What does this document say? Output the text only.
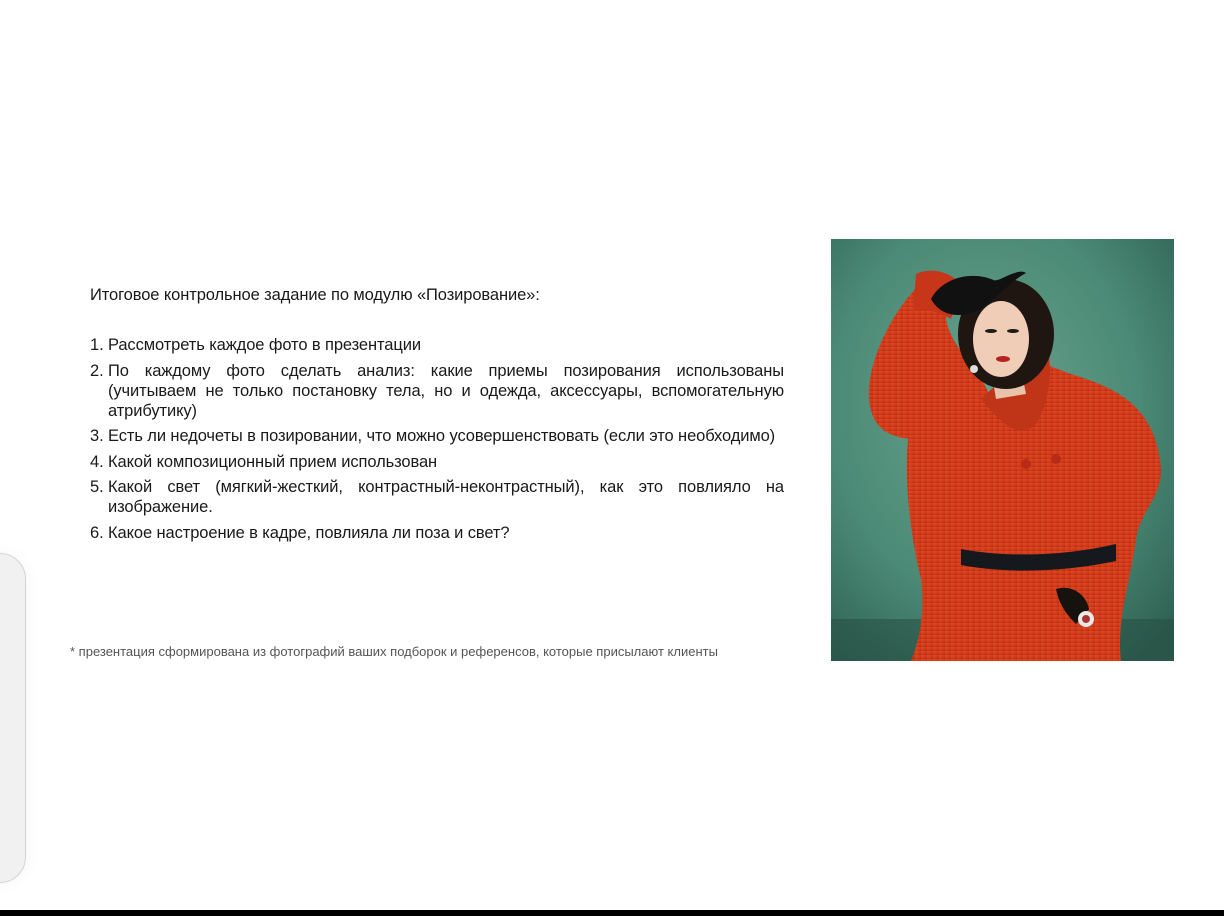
Итоговое контрольное задание по модулю «Позирование»:
1. Рассмотреть каждое фото в презентации
2. По каждому фото сделать анализ: какие приемы позирования использованы (учитываем не только постановку тела, но и одежда, аксессуары, вспомогательную атрибутику)
3. Есть ли недочеты в позировании, что можно усовершенствовать (если это необходимо)
4. Какой композиционный прием использован
5. Какой свет (мягкий-жесткий, контрастный-неконтрастный), как это повлияло на изображение.
6. Какое настроение в кадре, повлияла ли поза и свет?
* презентация сформирована из фотографий ваших подборок и референсов, которые присылают клиенты
